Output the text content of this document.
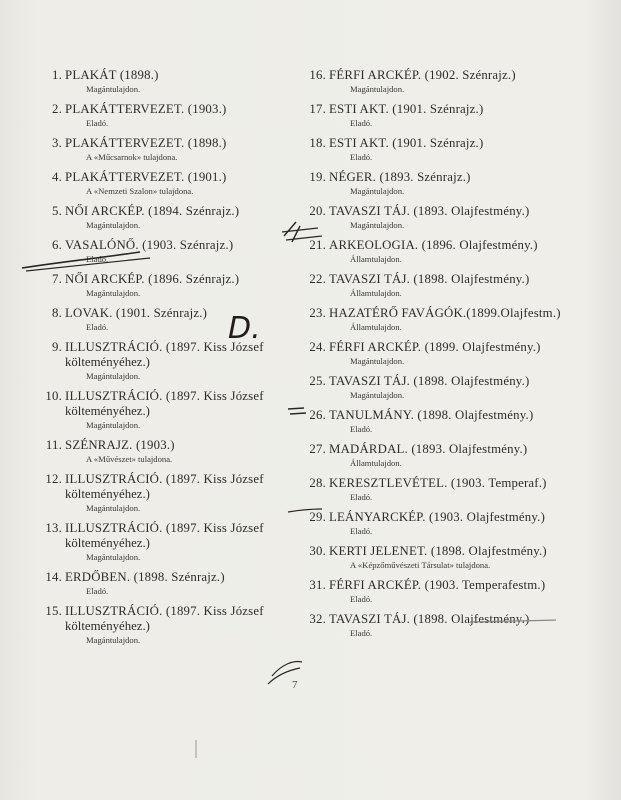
1. PLAKÁT (1898.)
Magántulajdon.
2. PLAKÁTTERVEZET. (1903.)
Eladó.
3. PLAKÁTTERVEZET. (1898.)
A «Műcsarnok» tulajdona.
4. PLAKÁTTERVEZET. (1901.)
A «Nemzeti Szalon» tulajdona.
5. NŐI ARCKÉP. (1894. Szénrajz.)
Magántulajdon.
6. VASALÓNŐ. (1903. Szénrajz.)
Eladó.
7. NŐI ARCKÉP. (1896. Szénrajz.)
Magántulajdon.
8. LOVAK. (1901. Szénrajz.)
Eladó.
9. ILLUSZTRÁCIÓ. (1897. Kiss József
költeményéhez.)
Magántulajdon.
10. ILLUSZTRÁCIÓ. (1897. Kiss József
költeményéhez.)
Magántulajdon.
11. SZÉNRAJZ. (1903.)
A «Művészet» tulajdona.
12. ILLUSZTRÁCIÓ. (1897. Kiss József
költeményéhez.)
Magántulajdon.
13. ILLUSZTRÁCIÓ. (1897. Kiss József
költeményéhez.)
Magántulajdon.
14. ERDŐBEN. (1898. Szénrajz.)
Eladó.
15. ILLUSZTRÁCIÓ. (1897. Kiss József
költeményéhez.)
Magántulajdon.
16. FÉRFI ARCKÉP. (1902. Szénrajz.)
Magántulajdon.
17. ESTI AKT. (1901. Szénrajz.)
Eladó.
18. ESTI AKT. (1901. Szénrajz.)
Eladó.
19. NÉGER. (1893. Szénrajz.)
Magántulajdon.
20. TAVASZI TÁJ. (1893. Olajfestmény.)
Magántulajdon.
21. ARKEOLOGIA. (1896. Olajfestmény.)
Államtulajdon.
22. TAVASZI TÁJ. (1898. Olajfestmény.)
Államtulajdon.
23. HAZATÉRŐ FAVÁGÓK.(1899.Olajfestm.)
Államtulajdon.
24. FÉRFI ARCKÉP. (1899. Olajfestmény.)
Magántulajdon.
25. TAVASZI TÁJ. (1898. Olajfestmény.)
Magántulajdon.
26. TANULMÁNY. (1898. Olajfestmény.)
Eladó.
27. MADÁRDAL. (1893. Olajfestmény.)
Államtulajdon.
28. KERESZTLEVÉTEL. (1903. Temperaf.)
Eladó.
29. LEÁNYARCKÉP. (1903. Olajfestmény.)
Eladó.
30. KERTI JELENET. (1898. Olajfestmény.)
A «Képzőművészeti Társulat» tulajdona.
31. FÉRFI ARCKÉP. (1903. Temperafestm.)
Eladó.
32. TAVASZI TÁJ. (1898. Olajfestmény.)
Eladó.
7
D.
